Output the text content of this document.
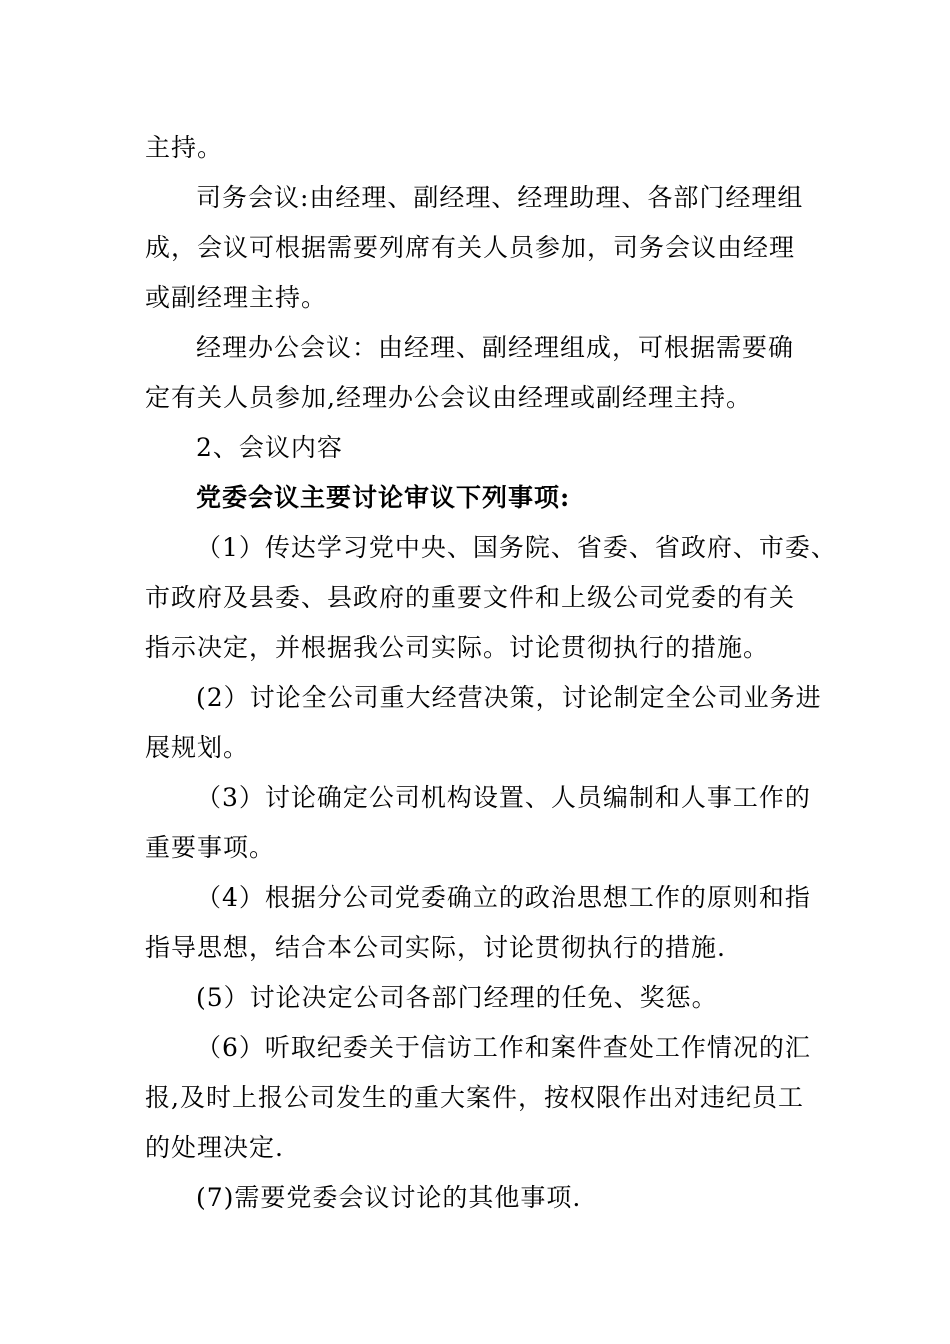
主持。
司务会议:由经理、副经理、经理助理、各部门经理组
成，会议可根据需要列席有关人员参加，司务会议由经理
或副经理主持。
经理办公会议：由经理、副经理组成，可根据需要确
定有关人员参加,经理办公会议由经理或副经理主持。
2、会议内容
党委会议主要讨论审议下列事项:
（1）传达学习党中央、国务院、省委、省政府、市委、
市政府及县委、县政府的重要文件和上级公司党委的有关
指示决定，并根据我公司实际。讨论贯彻执行的措施。
(2）讨论全公司重大经营决策，讨论制定全公司业务进
展规划。
（3）讨论确定公司机构设置、人员编制和人事工作的
重要事项。
（4）根据分公司党委确立的政治思想工作的原则和指
指导思想，结合本公司实际，讨论贯彻执行的措施.
(5）讨论决定公司各部门经理的任免、奖惩。
（6）听取纪委关于信访工作和案件查处工作情况的汇
报,及时上报公司发生的重大案件，按权限作出对违纪员工
的处理决定.
(7)需要党委会议讨论的其他事项.
